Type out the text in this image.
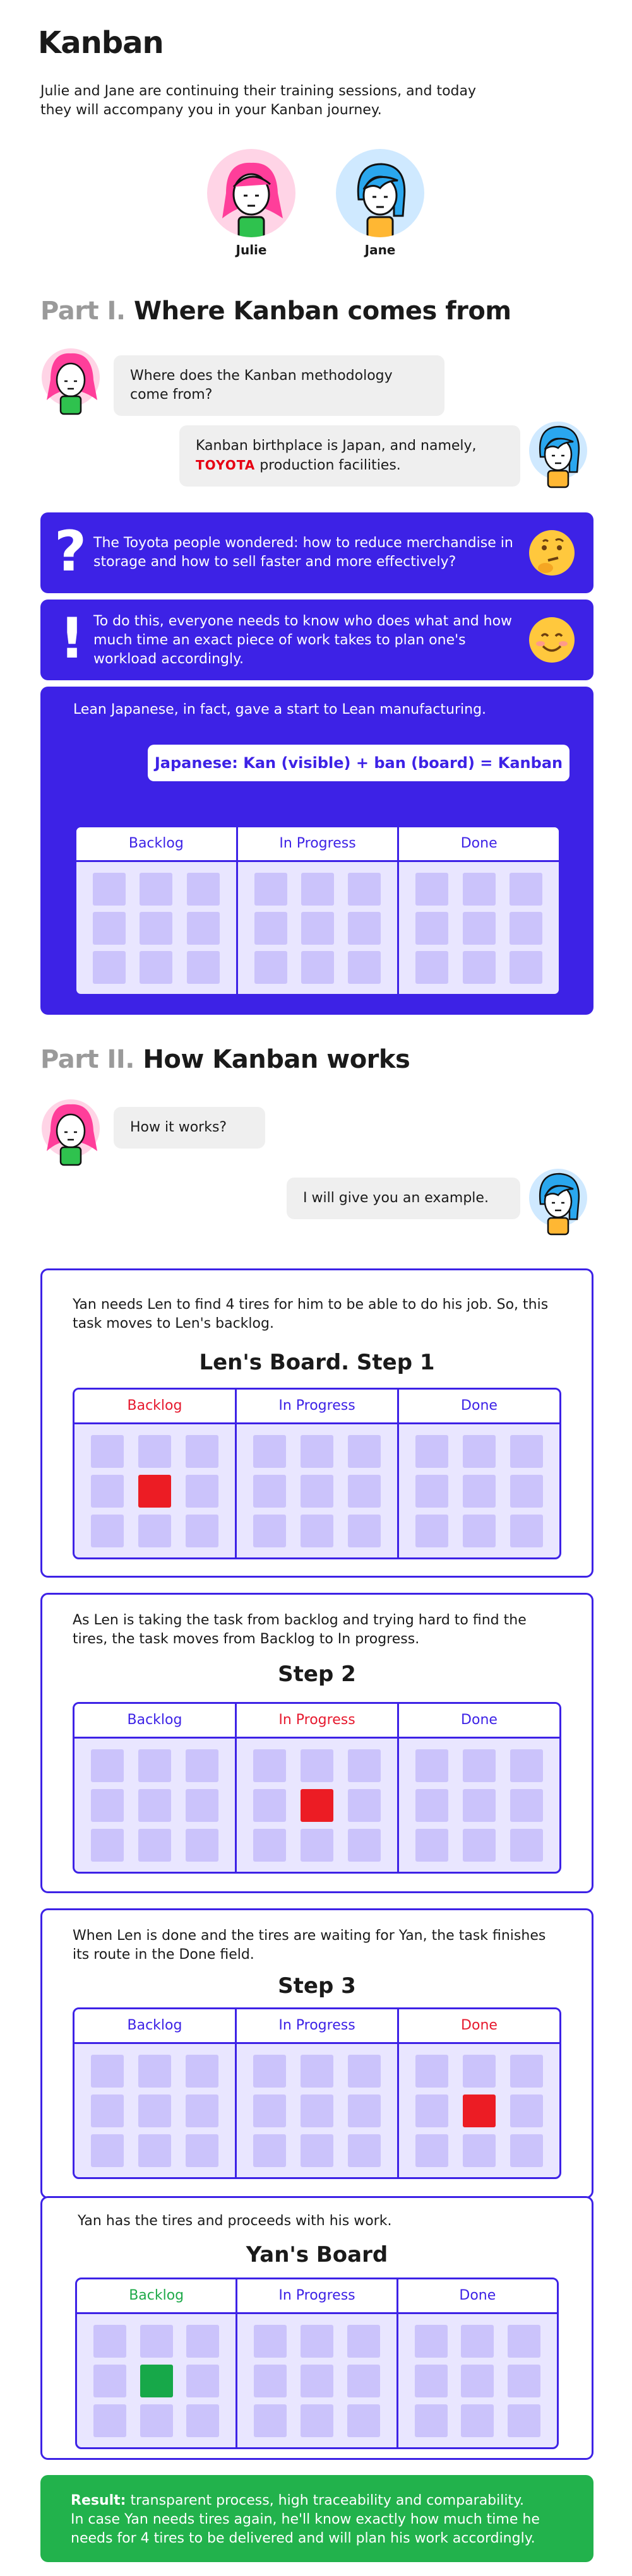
Kanban

Julie and Jane are continuing their training sessions, and today they will accompany you in your Kanban journey.

Julie	Jane
Part I. Where Kanban comes from
Where does the Kanban methodology come from?
Kanban birthplace is Japan, and namely,
TOYOTA production facilities.
? The Toyota people wondered: how to reduce merchandise in storage and how to sell faster and more effectively?
! To do this, everyone needs to know who does what and how much time an exact piece of work takes to plan one's workload accordingly.
Lean Japanese, in fact, gave a start to Lean manufacturing.
Japanese: Kan (visible) + ban (board) = Kanban
Backlog	In Progress	Done
Part II. How Kanban works
How it works?
I will give you an example.
Yan needs Len to find 4 tires for him to be able to do his job. So, this task moves to Len's backlog.
Len's Board. Step 1
Backlog	In Progress	Done
As Len is taking the task from backlog and trying hard to find the tires, the task moves from Backlog to In progress.
Step 2
Backlog	In Progress	Done
When Len is done and the tires are waiting for Yan, the task finishes its route in the Done field.
Step 3
Backlog	In Progress	Done
Yan has the tires and proceeds with his work.
Yan's Board
Backlog	In Progress	Done
Result: transparent process, high traceability and comparability.
In case Yan needs tires again, he'll know exactly how much time he needs for 4 tires to be delivered and will plan his work accordingly.
